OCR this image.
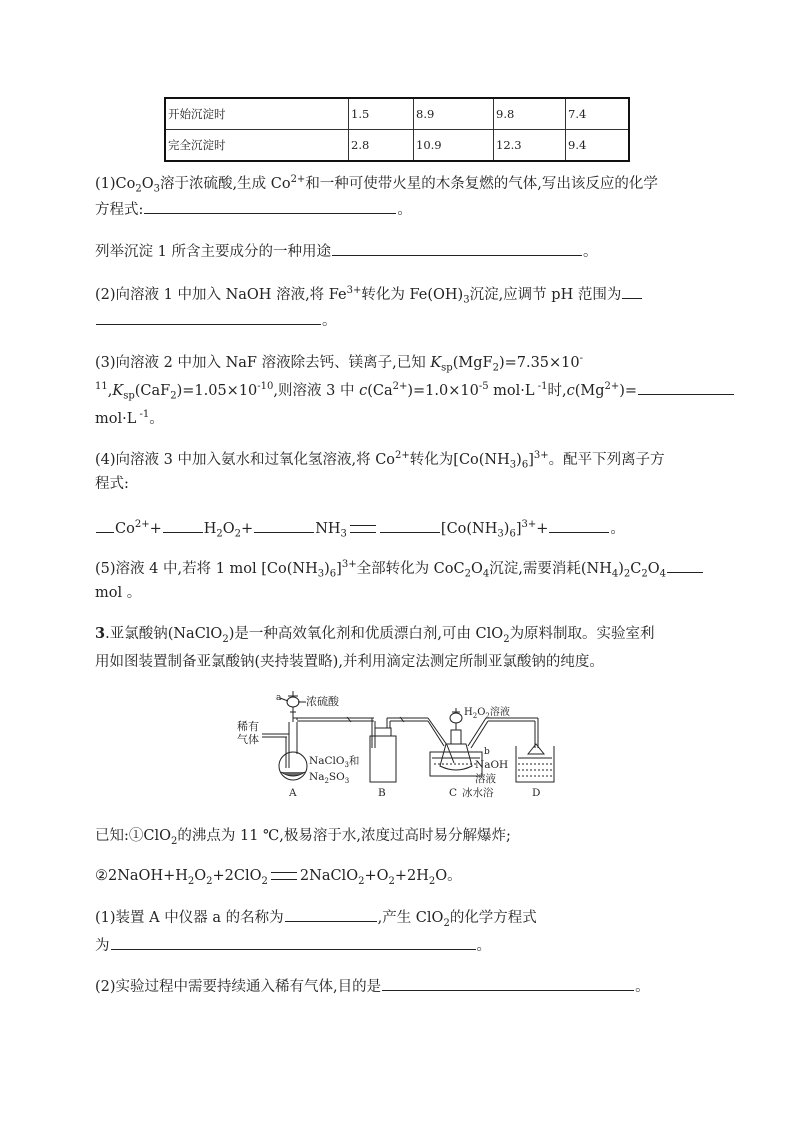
开始沉淀时	1.5	8.9	9.8	7.4
完全沉淀时	2.8	10.9	12.3	9.4
$(1)Co_2O_3$溶于浓硫酸,生成 $Co^{2+}$和一种可使带火星的木条复燃的气体,写出该反应的化学
方程式:	。
列举沉淀 1 所含主要成分的一种用途	。
(2)向溶液 1 中加入 NaOH 溶液,将 $Fe^{3+}$转化为 $Fe(OH)_3$沉淀,应调节 pH 范围为
。
(3)向溶液 2 中加入 NaF 溶液除去钙、镁离子,已知 $K_{sp}(MgF_2)=7.35\times 10^-$
$^{11},K_{sp}(CaF_2)=1.05\times 10^{-10}$,则溶液 3 中 $c(Ca^{2+})=1.0\times 10^{-5}$ mol·L $^{-1}$时$,c(Mg^{2+})=$
mol·L $^{-1}$。
(4)向溶液 3 中加入氨水和过氧化氢溶液,将 $Co^{2+}$转化为$[Co(NH_3)_6]^{3+}$。配平下列离子方
程式:
$Co^{2+}+$	$H_2O_2+$	$NH_3$	$[Co(NH_3)_6]^{3+}+$	。
(5)溶液 4 中,若将 1 mol $[Co(NH_3)_6]^{3+}$全部转化为 $CoC_2O_4$沉淀,需要消耗$(NH_4)_2C_2O_4$
mol 。
3.亚氯酸钠(NaClO$_2$)是一种高效氧化剂和优质漂白剂,可由 ClO$_2$为原料制取。实验室利
用如图装置制备亚氯酸钠(夹持装置略),并利用滴定法测定所制亚氯酸钠的纯度。
稀有
气体
a 浓硫酸
NaClO$_3$和
$Na_2SO_3$
$H_2O_2$溶液
b
NaOH
溶液
冰水浴
A	B	C	D
已知:①ClO$_2$的沸点为 11 ℃,极易溶于水,浓度过高时易分解爆炸;
$②2NaOH+H_2O_2+2ClO_2$ $2NaClO_2+O_2+2H_2O$。
(1)装置 A 中仪器 a 的名称为	,产生 ClO$_2$的化学方程式
为	。
(2)实验过程中需要持续通入稀有气体,目的是	。
